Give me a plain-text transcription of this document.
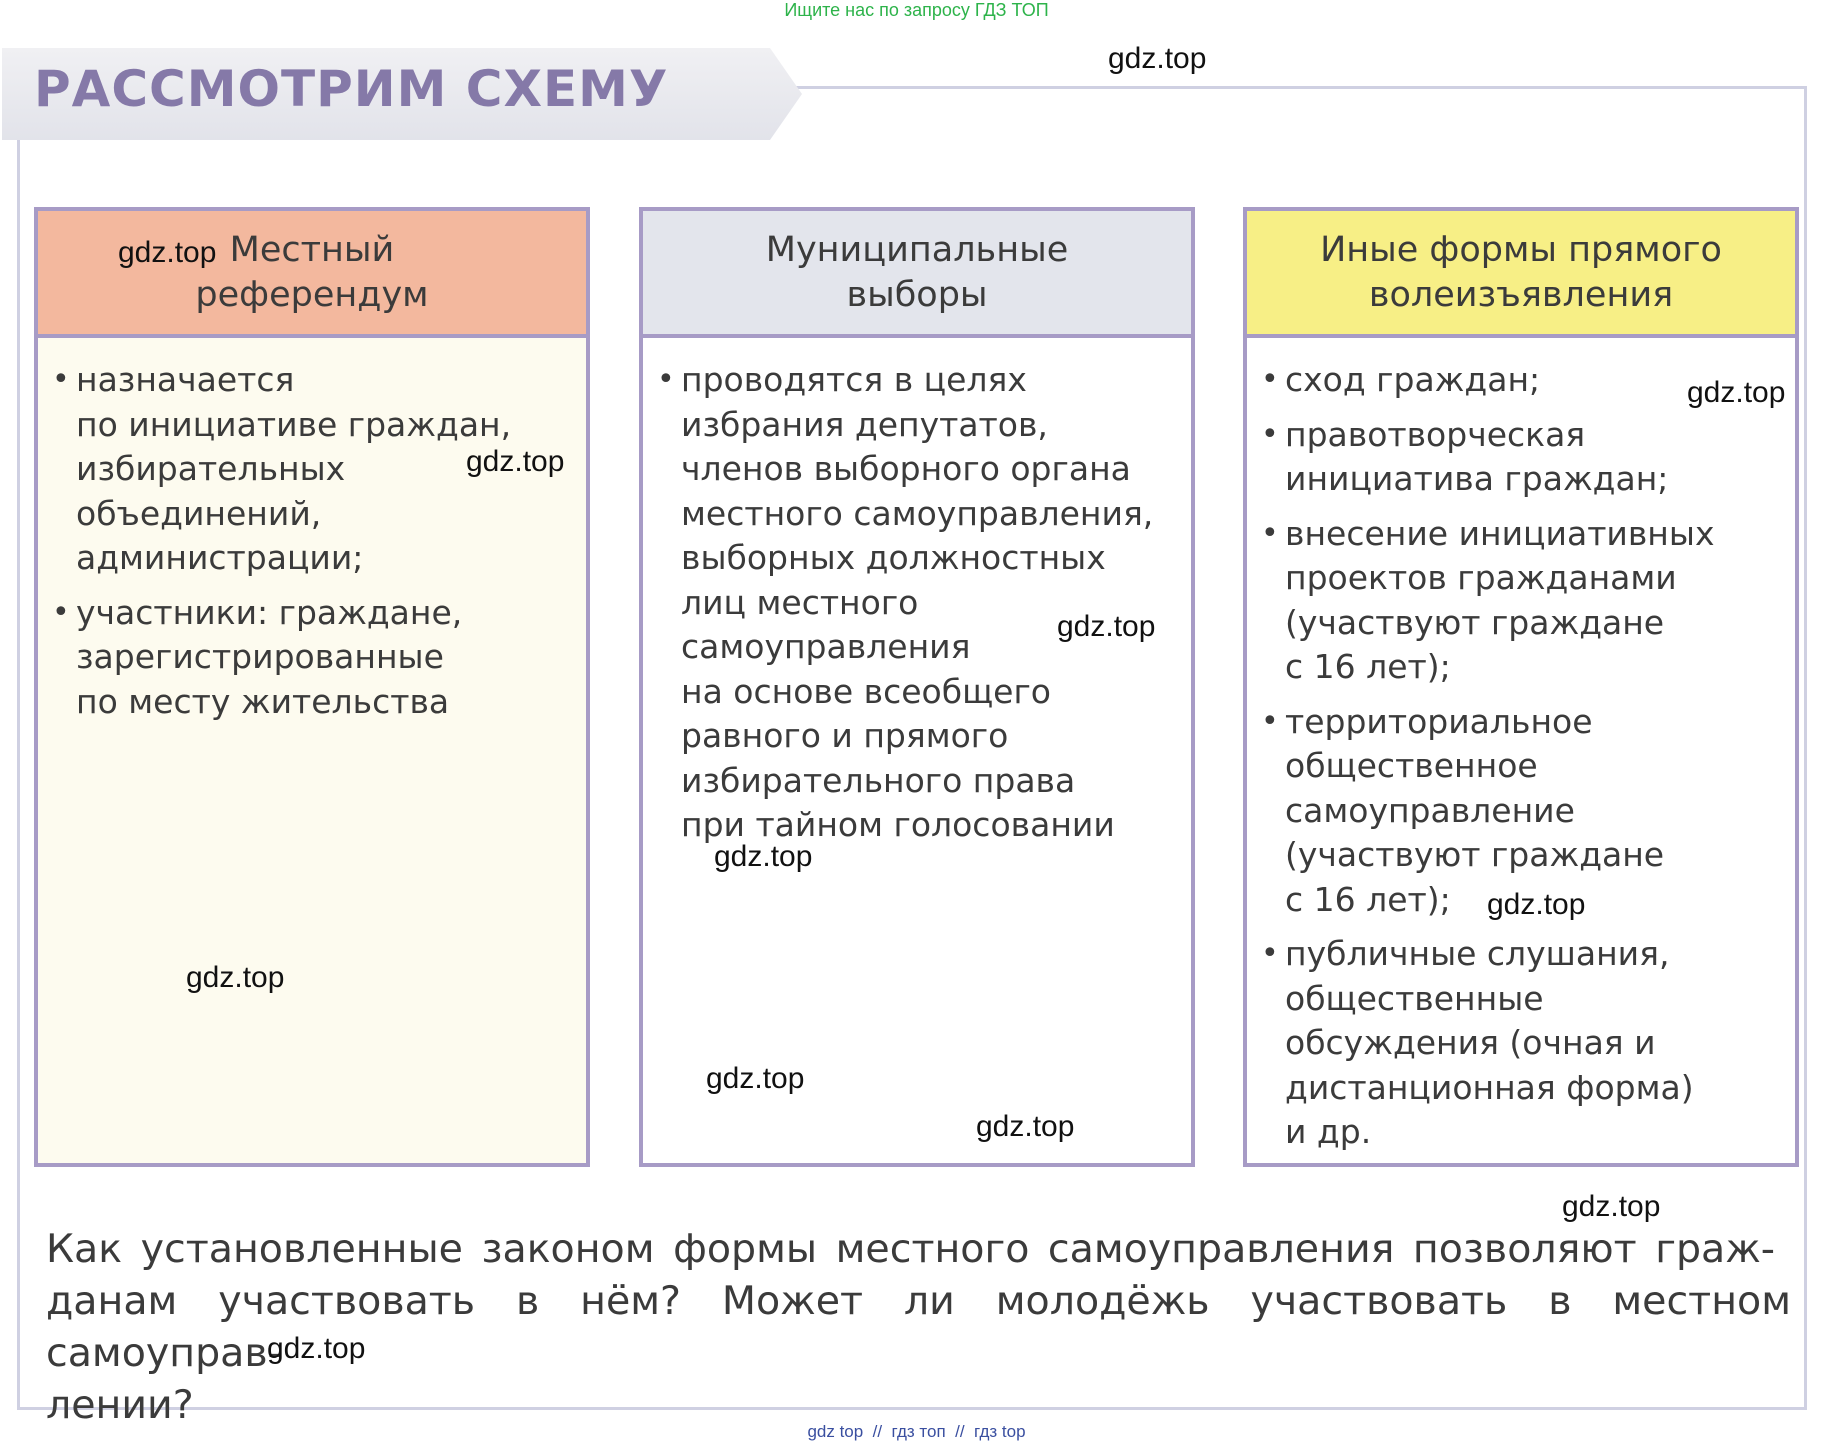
Ищите нас по запросу ГДЗ ТОП
РАССМОТРИМ СХЕМУ
Местный
референдум
• назначается
по инициативе граждан,
избирательных
объединений,
администрации;
• участники: граждане,
зарегистрированные
по месту жительства
Муниципальные
выборы
• проводятся в целях
избрания депутатов,
членов выборного органа
местного самоуправления,
выборных должностных
лиц местного
самоуправления
на основе всеобщего
равного и прямого
избирательного права
при тайном голосовании
Иные формы прямого
волеизъявления
• сход граждан;
• правотворческая
инициатива граждан;
• внесение инициативных
проектов гражданами
(участвуют граждане
с 16 лет);
• территориальное
общественное
самоуправление
(участвуют граждане
с 16 лет);
• публичные слушания,
общественные
обсуждения (очная и
дистанционная форма)
и др.

Как установленные законом формы местного самоуправления позволяют граж-
данам участвовать в нём? Может ли молодёжь участвовать в местном самоуправ-
лении?

gdz.top
gdz.top
gdz.top
gdz.top
gdz.top
gdz.top
gdz.top
gdz.top
gdz.top
gdz.top
gdz.top
gdz.top
gdz top  //  гдз топ  //  гдз top
